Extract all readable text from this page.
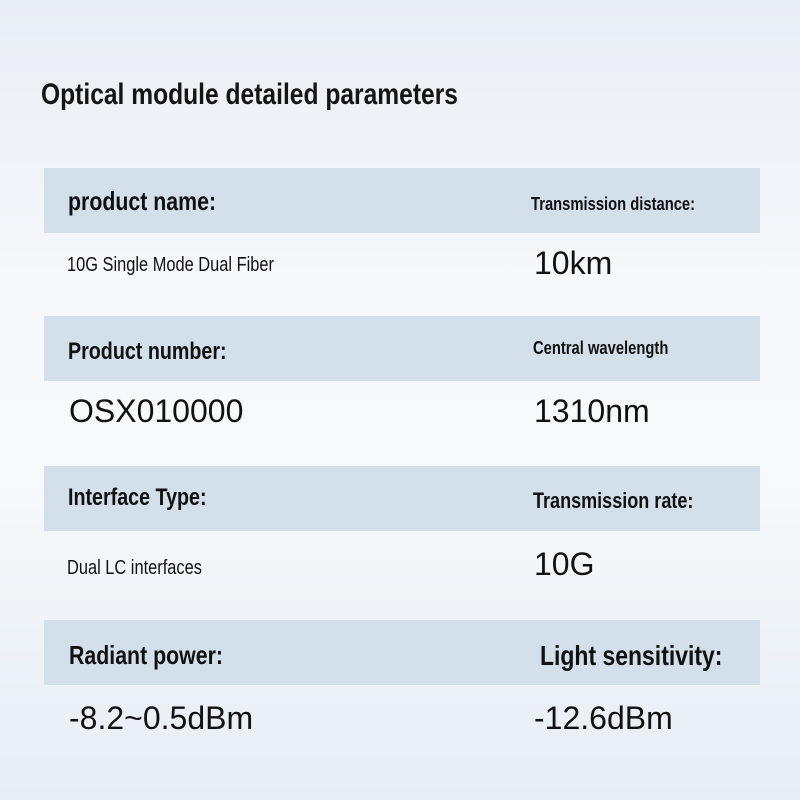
Optical module detailed parameters
product name:	Transmission distance:
10G Single Mode Dual Fiber	10km
Product number:	Central wavelength
OSX010000	1310nm
Interface Type:	Transmission rate:
Dual LC interfaces	10G
Radiant power:	Light sensitivity:
-8.2~0.5dBm	-12.6dBm
